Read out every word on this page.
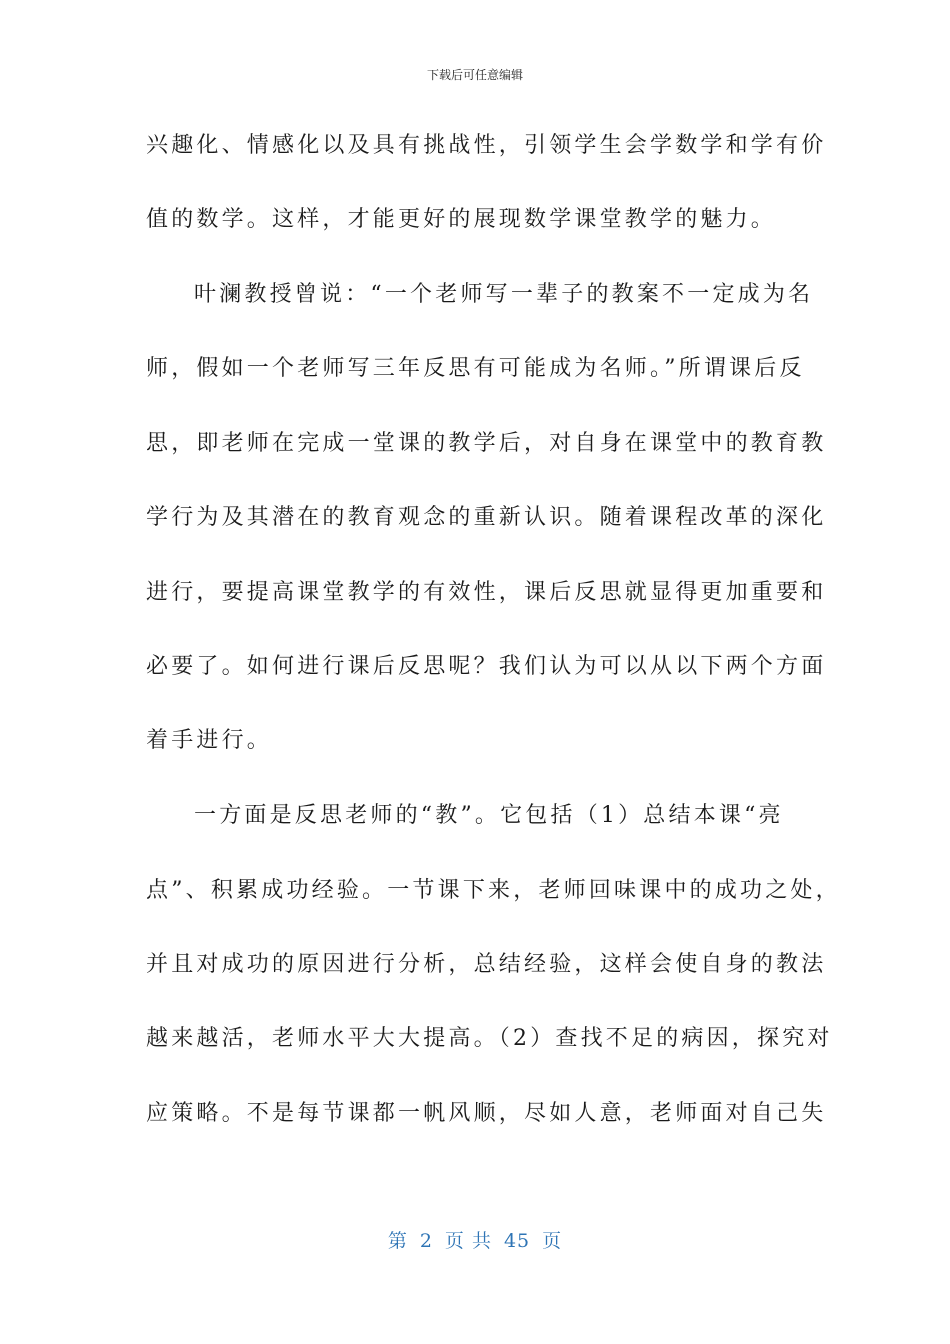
下载后可任意编辑
兴趣化、情感化以及具有挑战性，引领学生会学数学和学有价
值的数学。这样，才能更好的展现数学课堂教学的魅力。
叶澜教授曾说：“一个老师写一辈子的教案不一定成为名
师，假如一个老师写三年反思有可能成为名师。”所谓课后反
思，即老师在完成一堂课的教学后，对自身在课堂中的教育教
学行为及其潜在的教育观念的重新认识。随着课程改革的深化
进行，要提高课堂教学的有效性，课后反思就显得更加重要和
必要了。如何进行课后反思呢？我们认为可以从以下两个方面
着手进行。
一方面是反思老师的“教”。它包括（1）总结本课“亮
点”、积累成功经验。一节课下来，老师回味课中的成功之处，
并且对成功的原因进行分析，总结经验，这样会使自身的教法
越来越活，老师水平大大提高。（2）查找不足的病因，探究对
应策略。不是每节课都一帆风顺，尽如人意，老师面对自己失
第 2 页 共 45 页
